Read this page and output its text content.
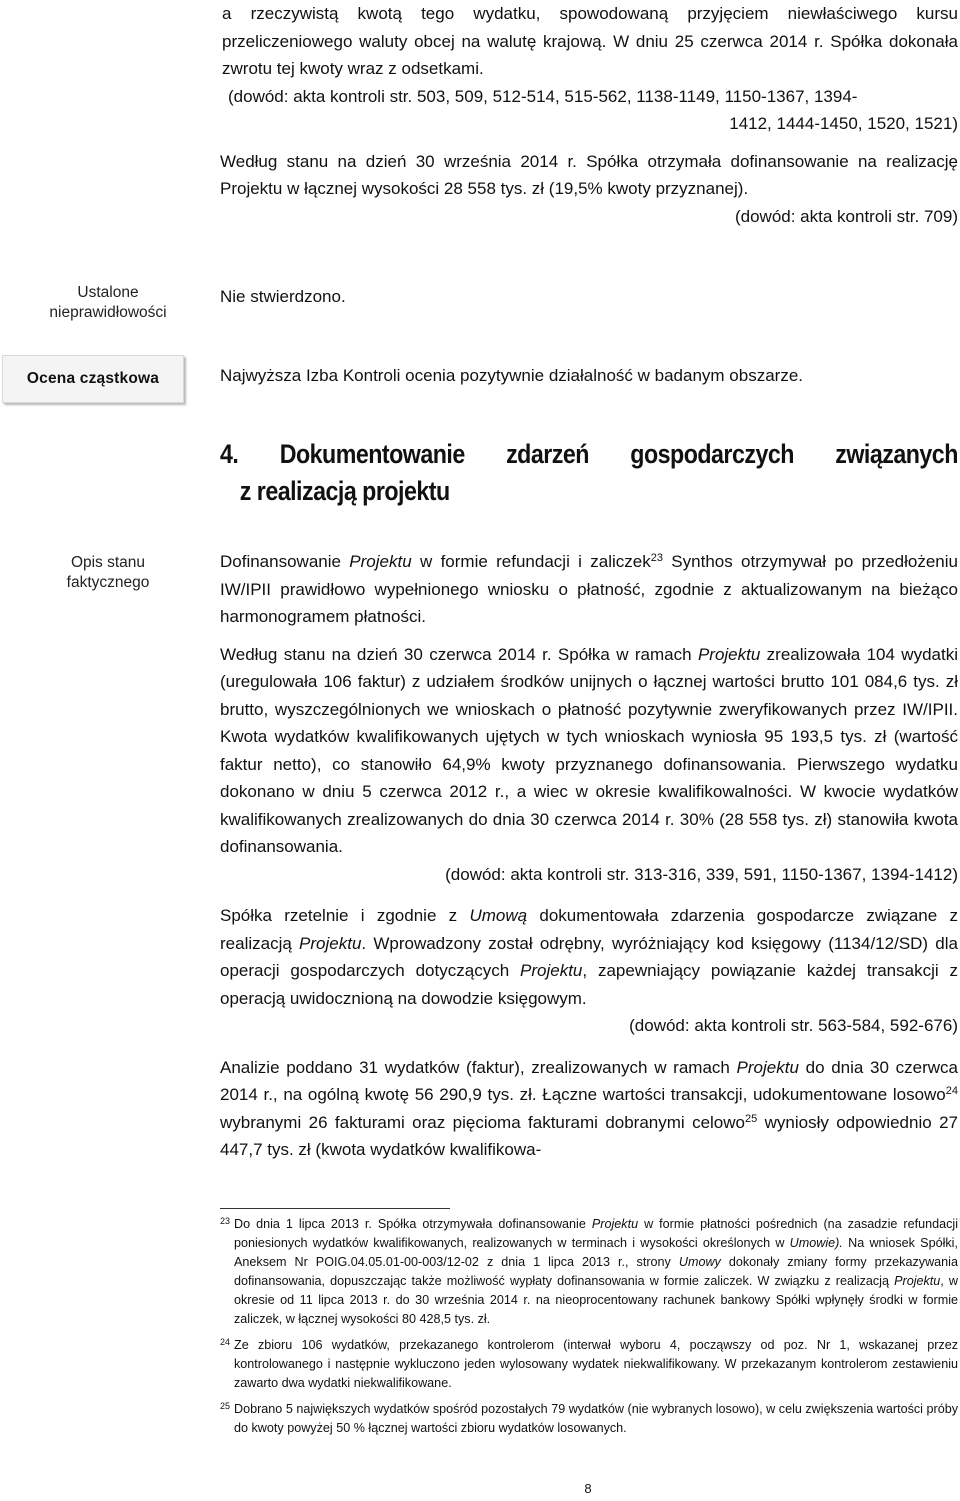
a rzeczywistą kwotą tego wydatku, spowodowaną przyjęciem niewłaściwego kursu przeliczeniowego waluty obcej na walutę krajową. W dniu 25 czerwca 2014 r. Spółka dokonała zwrotu tej kwoty wraz z odsetkami.

(dowód: akta kontroli str. 503, 509, 512-514, 515-562, 1138-1149, 1150-1367, 1394-

1412, 1444-1450, 1520, 1521)

Według stanu na dzień 30 września 2014 r. Spółka otrzymała dofinansowanie na realizację Projektu w łącznej wysokości 28 558 tys. zł (19,5% kwoty przyznanej).

(dowód: akta kontroli str. 709)

Ustalone nieprawidłowości
Nie stwierdzono.
Ocena cząstkowa	Najwyższa Izba Kontroli ocenia pozytywnie działalność w badanym obszarze.
4. Dokumentowanie zdarzeń gospodarczych związanych
z realizacją projektu
Opis stanu faktycznego

Dofinansowanie Projektu w formie refundacji i zaliczek$^{23}$ Synthos otrzymywał po przedłożeniu IW/IPII prawidłowo wypełnionego wniosku o płatność, zgodnie z aktualizowanym na bieżąco harmonogramem płatności.

Według stanu na dzień 30 czerwca 2014 r. Spółka w ramach Projektu zrealizowała 104 wydatki (uregulowała 106 faktur) z udziałem środków unijnych o łącznej wartości brutto 101 084,6 tys. zł brutto, wyszczególnionych we wnioskach o płatność pozytywnie zweryfikowanych przez IW/IPII. Kwota wydatków kwalifikowanych ujętych w tych wnioskach wyniosła 95 193,5 tys. zł (wartość faktur netto), co stanowiło 64,9% kwoty przyznanego dofinansowania. Pierwszego wydatku dokonano w dniu 5 czerwca 2012 r., a wiec w okresie kwalifikowalności. W kwocie wydatków kwalifikowanych zrealizowanych do dnia 30 czerwca 2014 r. 30% (28 558 tys. zł) stanowiła kwota dofinansowania.

(dowód: akta kontroli str. 313-316, 339, 591, 1150-1367, 1394-1412)

Spółka rzetelnie i zgodnie z Umową dokumentowała zdarzenia gospodarcze związane z realizacją Projektu. Wprowadzony został odrębny, wyróżniający kod księgowy (1134/12/SD) dla operacji gospodarczych dotyczących Projektu, zapewniający powiązanie każdej transakcji z operacją uwidocznioną na dowodzie księgowym.

(dowód: akta kontroli str. 563-584, 592-676)

Analizie poddano 31 wydatków (faktur), zrealizowanych w ramach Projektu do dnia 30 czerwca 2014 r., na ogólną kwotę 56 290,9 tys. zł. Łączne wartości transakcji, udokumentowane losowo$^{24}$ wybranymi 26 fakturami oraz pięcioma fakturami dobranymi celowo$^{25}$ wyniosły odpowiednio 27 447,7 tys. zł (kwota wydatków kwalifikowa-

23 Do dnia 1 lipca 2013 r. Spółka otrzymywała dofinansowanie Projektu w formie płatności pośrednich (na zasadzie refundacji poniesionych wydatków kwalifikowanych, realizowanych w terminach i wysokości określonych w Umowie). Na wniosek Spółki, Aneksem Nr POIG.04.05.01-00-003/12-02 z dnia 1 lipca 2013 r., strony Umowy dokonały zmiany formy przekazywania dofinansowania, dopuszczając także możliwość wypłaty dofinansowania w formie zaliczek. W związku z realizacją Projektu, w okresie od 11 lipca 2013 r. do 30 września 2014 r. na nieoprocentowany rachunek bankowy Spółki wpłynęły środki w formie zaliczek, w łącznej wysokości 80 428,5 tys. zł.
24 Ze zbioru 106 wydatków, przekazanego kontrolerom (interwał wyboru 4, począwszy od poz. Nr 1, wskazanej przez kontrolowanego i następnie wykluczono jeden wylosowany wydatek niekwalifikowany. W przekazanym kontrolerom zestawieniu zawarto dwa wydatki niekwalifikowane.
25 Dobrano 5 największych wydatków spośród pozostałych 79 wydatków (nie wybranych losowo), w celu zwiększenia wartości próby do kwoty powyżej 50 % łącznej wartości zbioru wydatków losowanych.
8
